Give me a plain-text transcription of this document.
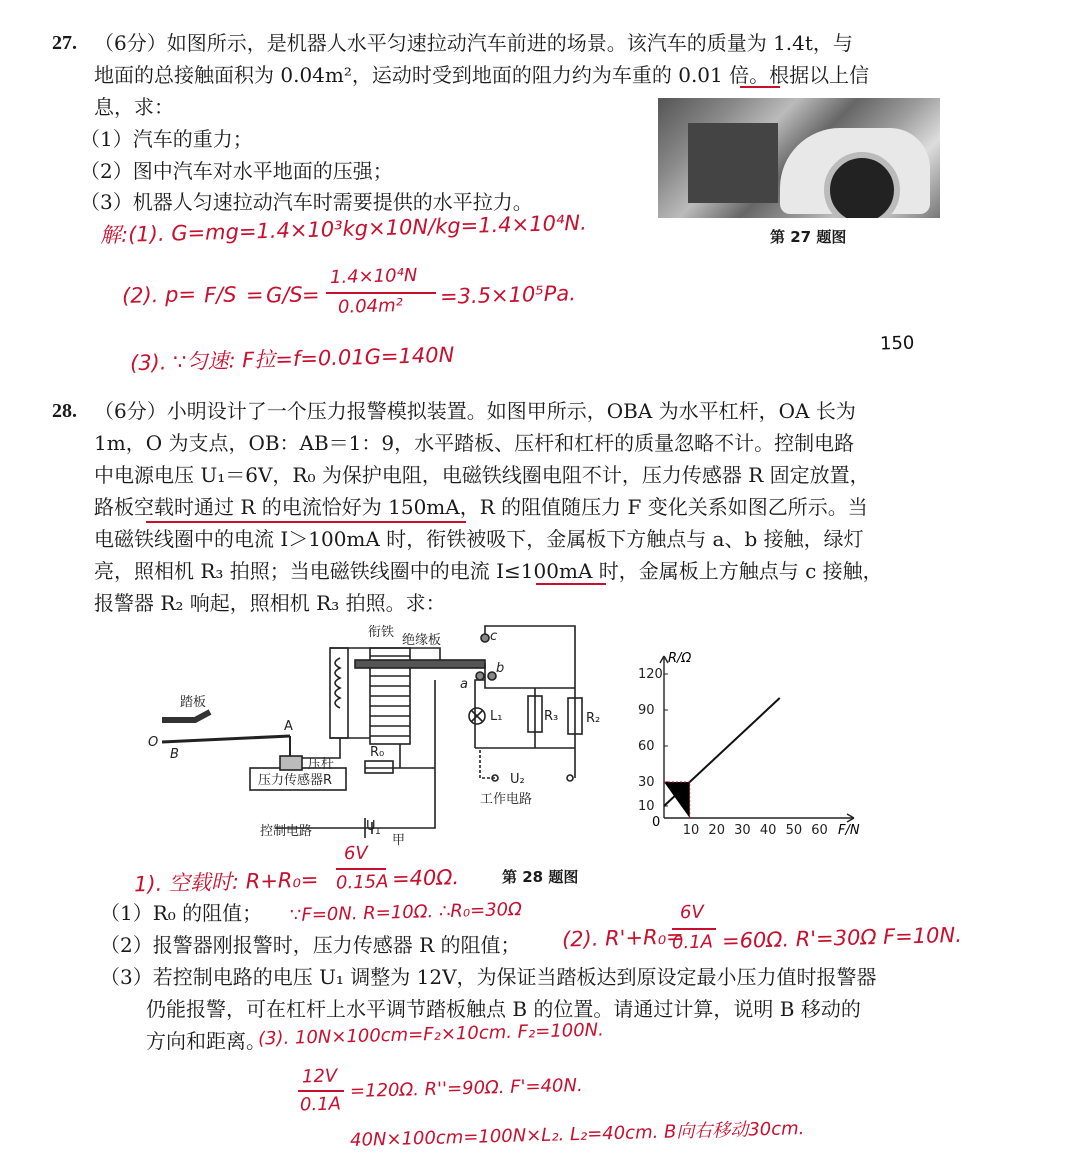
27. （6分）如图所示，是机器人水平匀速拉动汽车前进的场景。该汽车的质量为 1.4t，与
地面的总接触面积为 0.04m²，运动时受到地面的阻力约为车重的 0.01 倍。根据以上信
息，求：
（1）汽车的重力；
（2）图中汽车对水平地面的压强；
（3）机器人匀速拉动汽车时需要提供的水平拉力。
第 27 题图
解:(1). G=mg=1.4×10³kg×10N/kg=1.4×10⁴N.
(2). p= F/S = G/S
=
1.4×10⁴N
0.04m² =3.5×10⁵Pa.
(3). ∵匀速: F拉=f=0.01G=140N	150
28. （6分）小明设计了一个压力报警模拟装置。如图甲所示，OBA 为水平杠杆，OA 长为
1m，O 为支点，OB：AB＝1：9，水平踏板、压杆和杠杆的质量忽略不计。控制电路
中电源电压 U₁＝6V，R₀ 为保护电阻，电磁铁线圈电阻不计，压力传感器 R 固定放置，
路板空载时通过 R 的电流恰好为 150mA，R 的阻值随压力 F 变化关系如图乙所示。当
电磁铁线圈中的电流 I＞100mA 时，衔铁被吸下，金属板下方触点与 a、b 接触，绿灯
亮，照相机 R₃ 拍照；当电磁铁线圈中的电流 I≤100mA 时，金属板上方触点与 c 接触，
报警器 R₂ 响起，照相机 R₃ 拍照。求：
衔铁
绝缘板
踏板
压杆
压力传感器R
控制电路	U 1
甲
R₀
工作电路
U₂
L₁	R₃ R₂
a
b
c
A
O
B
10 20 30 40 50 60
10
30
60
90
120
R/Ω
F/N
0
第 28 题图
（1）R₀ 的阻值；
（2）报警器刚报警时，压力传感器 R 的阻值；
（3）若控制电路的电压 U₁ 调整为 12V，为保证当踏板达到原设定最小压力值时报警器
仍能报警，可在杠杆上水平调节踏板触点 B 的位置。请通过计算，说明 B 移动的
方向和距离。
1). 空载时: R+R₀=
6V
0.15A =40Ω.
∵F=0N. R=10Ω. ∴R₀=30Ω
(2). R'+R₀=
6V
0.1A =60Ω. R'=30Ω F=10N.
(3). 10N×100cm=F₂×10cm. F₂=100N.
12V
0.1A
=120Ω. R''=90Ω. F'=40N.
40N×100cm=100N×L₂. L₂=40cm. B向右移动30cm.
